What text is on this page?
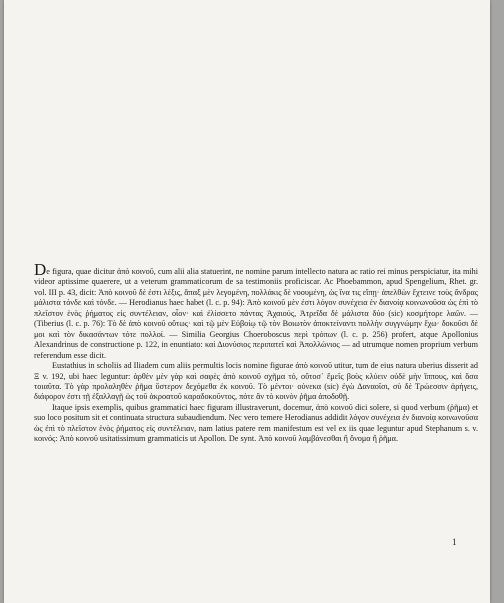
De figura, quae dicitur ἀπὸ κοινοῦ, cum alii alia statuerint, ne nomine parum intellecto natura ac ratio rei minus perspiciatur, ita mihi videor aptissime quaerere, ut a veterum grammaticorum de sa testimoniis proficiscar. Ac Phoebammon, apud Spengelium, Rhet. gr. vol. III p. 43, dicit: Ἀπὸ κοινοῦ δέ ἐστι λέξις, ἅπαξ μὲν λεγομένη, πολλάκις δὲ νοουμένη, ὡς ἵνα τις εἴπῃ· ἀπελθὼν ἔχτεινε τοὺς ἄνδρας μάλιστα τόνδε καὶ τόνδε. — Herodianus haec habet (l. c. p. 94): Ἀπὸ κοινοῦ μὲν ἐστι λόγον συνέχεια ἐν διανοίᾳ κοινωνοῦσα ὡς ἐπὶ τὸ πλεῖστον ἑνὸς ῥήματος εἰς συντέλειαν, οἷον· καὶ ἐλίσσετο πάντας Ἀχαιούς, Ἀτρεΐδα δὲ μάλιστα δύο (sic) κοσμήτορε λαῶν. — (Tiberius (l. c. p. 76): Τὸ δὲ ἀπὸ κοινοῦ οὕτως· καὶ τῷ μὲν Εὐβοίῳ τῷ τὸν Βοιωτὸν ἀποκτείναντι πολλὴν συγγνώμην ἔχω· δοκοῦσι δὲ μοι καὶ τὸν δικασάντων τότε πολλοί. — Similia Georgius Choeroboscus περὶ τρόπων (l. c. p. 256) profert, atque Apollonius Alexandrinus de constructione p. 122, in enuntiato: καὶ Διονύσιος περιπατεῖ καὶ Ἀπολλώνιος — ad utrumque nomen proprium verbum referendum esse dicit.

Eustathius in scholiis ad Iliadem cum aliis permultis locis nomine figurae ἀπὸ κοινοῦ utitur, tum de eius natura uberius disserit ad Ξ v. 192, ubi haec leguntur: ἀρθὲν μὲν γὰρ καὶ σαφὲς ἀπὸ κοινοῦ σχῆμα τό, οὔτοσ᾽ ἔμεῖς βοὺς κλύειν οὐδὲ μὴν ἵππους, καὶ ὅσα τοιαῦτα. Τὸ γὰρ προλαληθὲν ῥῆμα ὕστερον δεχόμεθα ἐκ κοινοῦ. Τὸ μέντοι· οὐνεκα (sic) ἐγὼ Δαναοῖσι, σὺ δὲ Τρώεσσιν ἀρήγεις, διάφορον ἐστι τῇ ἐξαλλαγῇ ὡς τοῦ ἀκροατοῦ καραδοκοῦντος, πότε ἂν τὸ κοινὸν ῥῆμα ἀποδοθῇ.

Itaque ipsis exemplis, quibus grammatici haec figuram illustraverunt, docemur, ἀπὸ κοινοῦ dici solere, si quod verbum (ῥῆμα) et suo loco positum sit et continuata structura subaudiendum. Nec vero temere Herodianus addidit λόγον συνέχεια ἐν διανοίᾳ κοινωνοῦσα ὡς ἐπὶ τὸ πλεῖστον ἑνὸς ῥήματος εἰς συντέλειαν, nam latius patere rem manifestum est vel ex iis quae leguntur apud Stephanum s. v. κοινός: Ἀπὸ κοινοῦ usitatissimum grammaticis ut Apollon. De synt. Ἀπὸ κοινοῦ λαμβάνεσθαι ἢ ὄνομα ἢ ῥῆμα.

1
